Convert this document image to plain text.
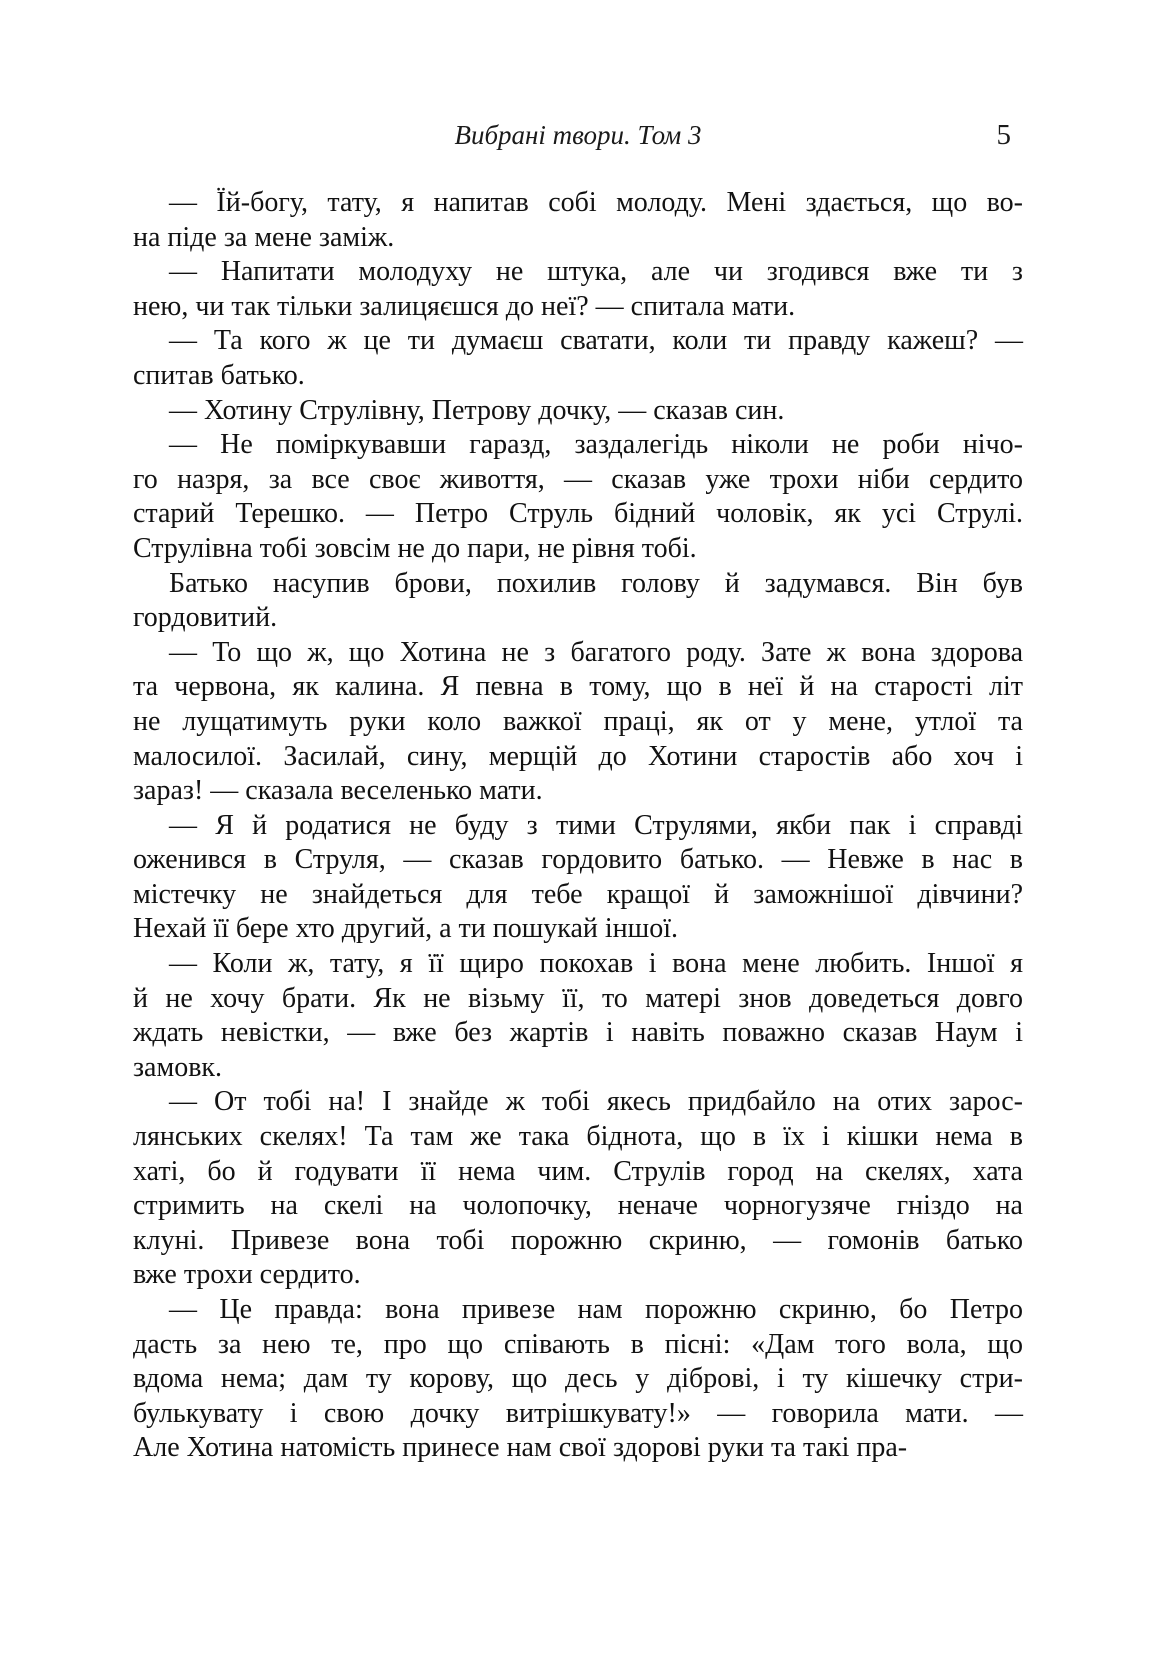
Вибрані твори. Том 3	5
— Їй-богу, тату, я напитав собі молоду. Мені здається, що во-
на піде за мене заміж.
— Напитати молодуху не штука, але чи згодився вже ти з
нею, чи так тільки залицяєшся до неї? — спитала мати.
— Та кого ж це ти думаєш сватати, коли ти правду кажеш? —
спитав батько.
— Хотину Струлівну, Петрову дочку, — сказав син.
— Не поміркувавши гаразд, заздалегідь ніколи не роби нічо-
го назря, за все своє живоття, — сказав уже трохи ніби сердито
старий Терешко. — Петро Струль бідний чоловік, як усі Струлі.
Струлівна тобі зовсім не до пари, не рівня тобі.
Батько насупив брови, похилив голову й задумався. Він був
гордовитий.
— То що ж, що Хотина не з багатого роду. Зате ж вона здорова
та червона, як калина. Я певна в тому, що в неї й на старості літ
не лущатимуть руки коло важкої праці, як от у мене, утлої та
малосилої. Засилай, сину, мерщій до Хотини старостів або хоч і
зараз! — сказала веселенько мати.
— Я й родатися не буду з тими Струлями, якби пак і справді
оженився в Струля, — сказав гордовито батько. — Невже в нас в
містечку не знайдеться для тебе кращої й заможнішої дівчини?
Нехай її бере хто другий, а ти пошукай іншої.
— Коли ж, тату, я її щиро покохав і вона мене любить. Іншої я
й не хочу брати. Як не візьму її, то матері знов доведеться довго
ждать невістки, — вже без жартів і навіть поважно сказав Наум і
замовк.
— От тобі на! І знайде ж тобі якесь придбайло на отих зарос-
лянських скелях! Та там же така біднота, що в їх і кішки нема в
хаті, бо й годувати її нема чим. Струлів город на скелях, хата
стримить на скелі на чолопочку, неначе чорногузяче гніздо на
клуні. Привезе вона тобі порожню скриню, — гомонів батько
вже трохи сердито.
— Це правда: вона привезе нам порожню скриню, бо Петро
дасть за нею те, про що співають в пісні: «Дам того вола, що
вдома нема; дам ту корову, що десь у діброві, і ту кішечку стри-
булькувату і свою дочку витрішкувату!» — говорила мати. —
Але Хотина натомість принесе нам свої здорові руки та такі пра-
